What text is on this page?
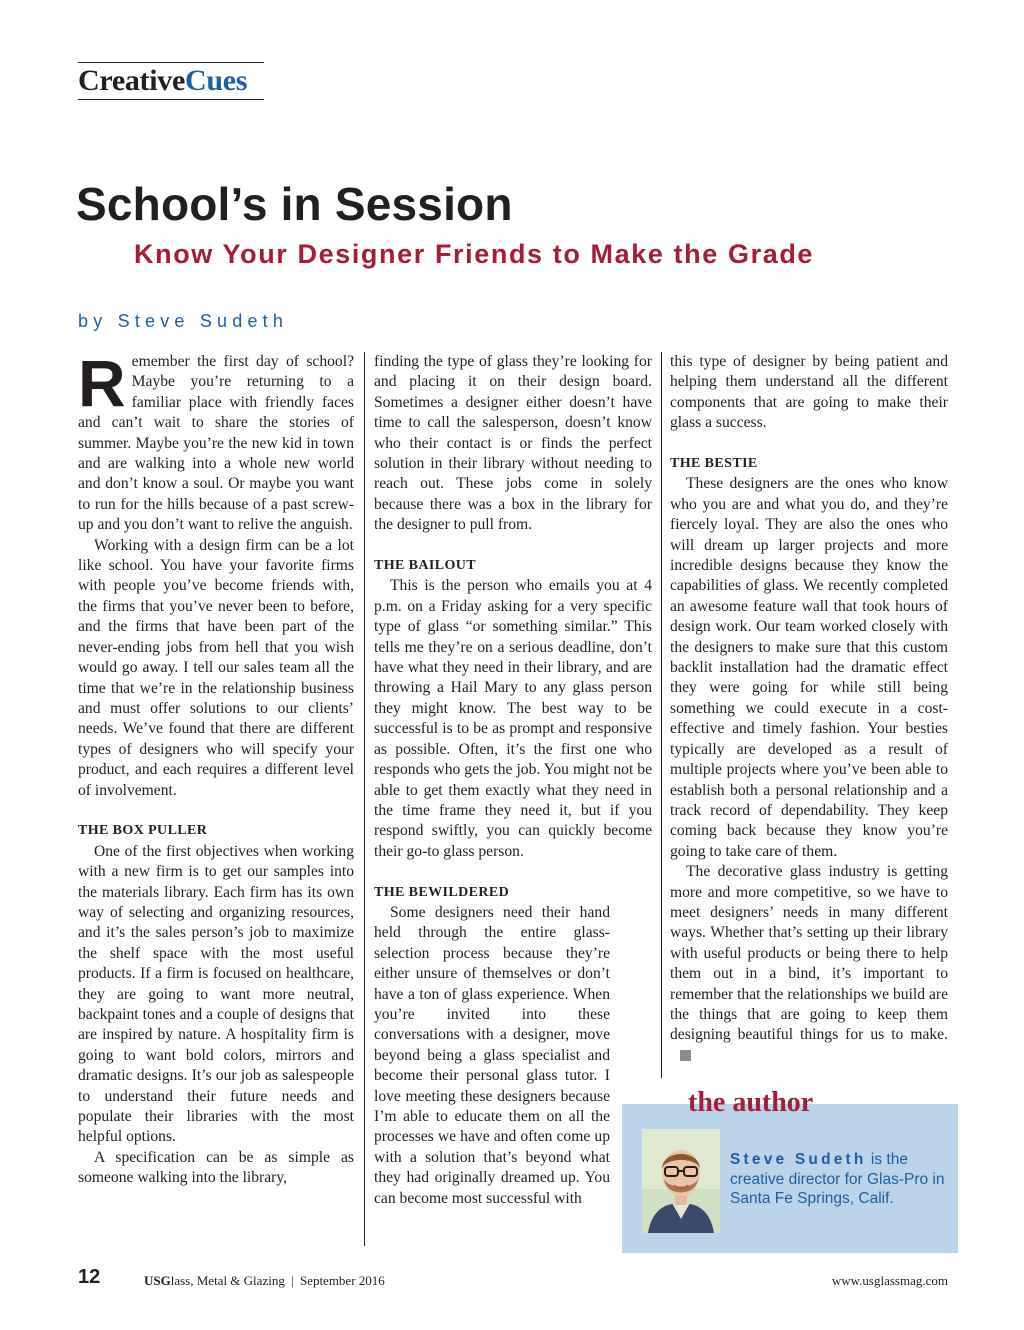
CreativeCues
School’s in Session
Know Your Designer Friends to Make the Grade
by Steve Sudeth

Remember the first day of school? Maybe you’re returning to a familiar place with friendly faces and can’t wait to share the stories of summer. Maybe you’re the new kid in town and are walking into a whole new world and don’t know a soul. Or maybe you want to run for the hills because of a past screw-up and you don’t want to relive the anguish.

Working with a design firm can be a lot like school. You have your favorite firms with people you’ve become friends with, the firms that you’ve never been to before, and the firms that have been part of the never-ending jobs from hell that you wish would go away. I tell our sales team all the time that we’re in the relationship business and must offer solutions to our clients’ needs. We’ve found that there are different types of designers who will specify your product, and each requires a different level of involvement.

THE BOX PULLER

One of the first objectives when working with a new firm is to get our samples into the materials library. Each firm has its own way of selecting and organizing resources, and it’s the sales person’s job to maximize the shelf space with the most useful products. If a firm is focused on healthcare, they are going to want more neutral, backpaint tones and a couple of designs that are inspired by nature. A hospitality firm is going to want bold colors, mirrors and dramatic designs. It’s our job as salespeople to understand their future needs and populate their libraries with the most helpful options.

A specification can be as simple as someone walking into the library,

finding the type of glass they’re looking for and placing it on their design board. Sometimes a designer either doesn’t have time to call the salesperson, doesn’t know who their contact is or finds the perfect solution in their library without needing to reach out. These jobs come in solely because there was a box in the library for the designer to pull from.

THE BAILOUT

This is the person who emails you at 4 p.m. on a Friday asking for a very specific type of glass “or something similar.” This tells me they’re on a serious deadline, don’t have what they need in their library, and are throwing a Hail Mary to any glass person they might know. The best way to be successful is to be as prompt and responsive as possible. Often, it’s the first one who responds who gets the job. You might not be able to get them exactly what they need in the time frame they need it, but if you respond swiftly, you can quickly become their go-to glass person.

THE BEWILDERED

Some designers need their hand held through the entire glass-selection process because they’re either unsure of themselves or don’t have a ton of glass experience. When you’re invited into these conversations with a designer, move beyond being a glass specialist and become their personal glass tutor. I love meeting these designers because I’m able to educate them on all the processes we have and often come up with a solution that’s beyond what they had originally dreamed up. You can become most successful with

this type of designer by being patient and helping them understand all the different components that are going to make their glass a success.

THE BESTIE

These designers are the ones who know who you are and what you do, and they’re fiercely loyal. They are also the ones who will dream up larger projects and more incredible designs because they know the capabilities of glass. We recently completed an awesome feature wall that took hours of design work. Our team worked closely with the designers to make sure that this custom backlit installation had the dramatic effect they were going for while still being something we could execute in a cost-effective and timely fashion. Your besties typically are developed as a result of multiple projects where you’ve been able to establish both a personal relationship and a track record of dependability. They keep coming back because they know you’re going to take care of them.

The decorative glass industry is getting more and more competitive, so we have to meet designers’ needs in many different ways. Whether that’s setting up their library with useful products or being there to help them out in a bind, it’s important to remember that the relationships we build are the things that are going to keep them designing beautiful things for us to make.

the author
Steve Sudeth is the creative director for Glas-Pro in Santa Fe Springs, Calif.
12	USGlass, Metal & Glazing | September 2016	www.usglassmag.com
